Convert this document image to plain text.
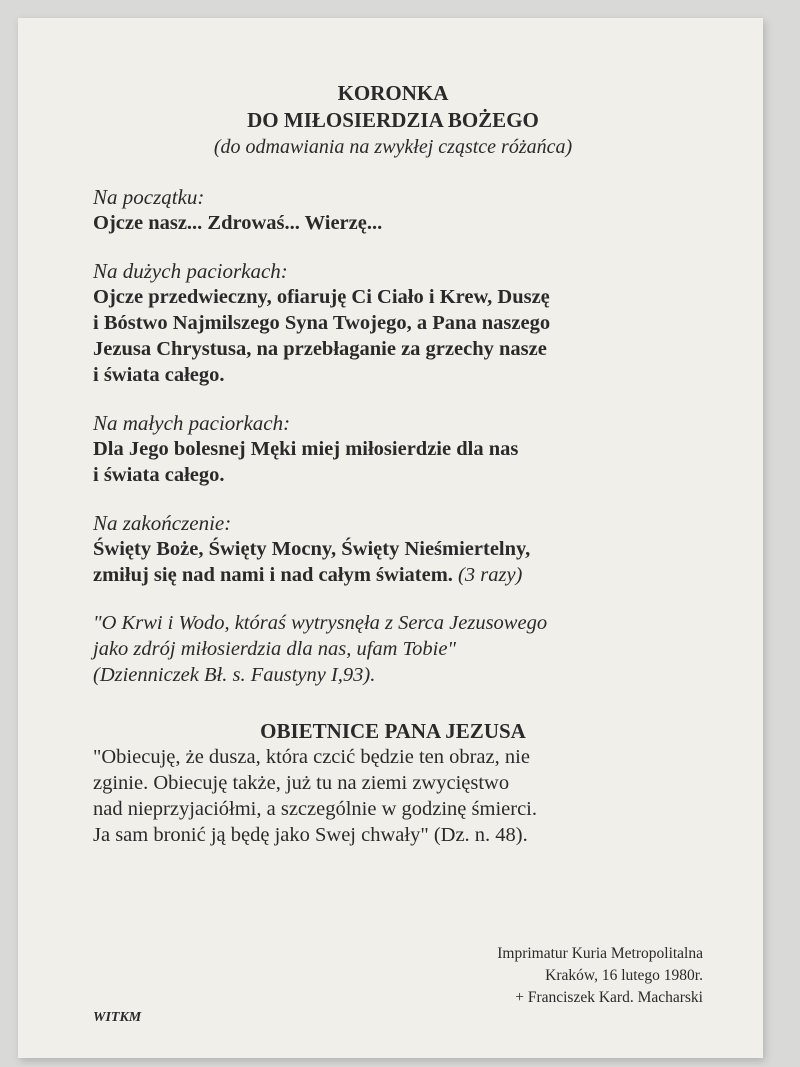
KORONKA
DO MIŁOSIERDZIA BOŻEGO
(do odmawiania na zwykłej cząstce różańca)
Na początku:
Ojcze nasz... Zdrowaś... Wierzę...
Na dużych paciorkach:
Ojcze przedwieczny, ofiaruję Ci Ciało i Krew, Duszę
i Bóstwo Najmilszego Syna Twojego, a Pana naszego
Jezusa Chrystusa, na przebłaganie za grzechy nasze
i świata całego.
Na małych paciorkach:
Dla Jego bolesnej Męki miej miłosierdzie dla nas
i świata całego.
Na zakończenie:
Święty Boże, Święty Mocny, Święty Nieśmiertelny,
zmiłuj się nad nami i nad całym światem. (3 razy)
"O Krwi i Wodo, któraś wytrysnęła z Serca Jezusowego
jako zdrój miłosierdzia dla nas, ufam Tobie"
(Dzienniczek Bł. s. Faustyny I,93).
OBIETNICE PANA JEZUSA
"Obiecuję, że dusza, która czcić będzie ten obraz, nie
zginie. Obiecuję także, już tu na ziemi zwycięstwo
nad nieprzyjaciółmi, a szczególnie w godzinę śmierci.
Ja sam bronić ją będę jako Swej chwały" (Dz. n. 48).
Imprimatur Kuria Metropolitalna
Kraków, 16 lutego 1980r.
+ Franciszek Kard. Macharski
WITKM
